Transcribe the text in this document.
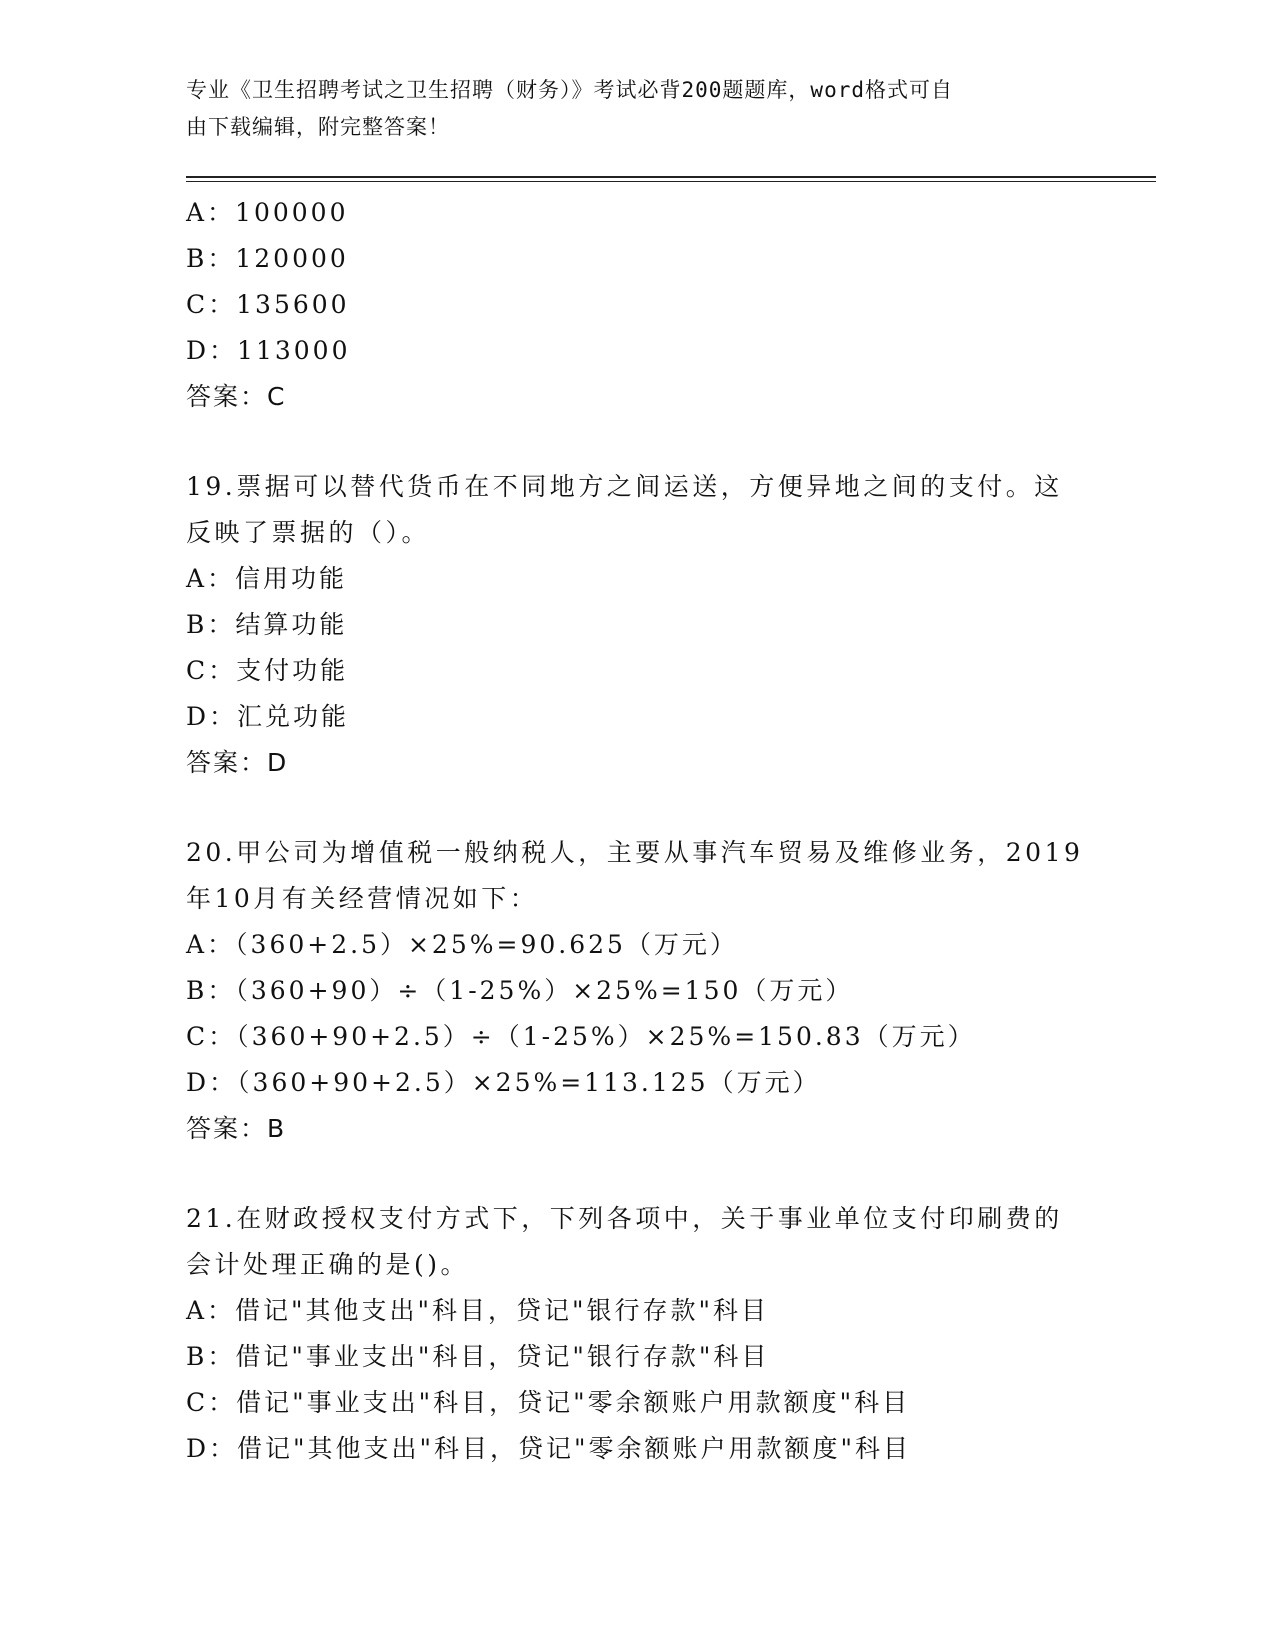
专业《卫生招聘考试之卫生招聘（财务）》考试必背200题题库，word格式可自
由下载编辑，附完整答案！
A：100000
B：120000
C：135600
D：113000
答案：C
19.票据可以替代货币在不同地方之间运送，方便异地之间的支付。这
反映了票据的（）。
A：信用功能
B：结算功能
C：支付功能
D：汇兑功能
答案：D
20.甲公司为增值税一般纳税人，主要从事汽车贸易及维修业务，2019
年10月有关经营情况如下：
A：（360+2.5）×25%=90.625（万元）
B：（360+90）÷（1-25%）×25%=150（万元）
C：（360+90+2.5）÷（1-25%）×25%=150.83（万元）
D：（360+90+2.5）×25%=113.125（万元）
答案：B
21.在财政授权支付方式下，下列各项中，关于事业单位支付印刷费的
会计处理正确的是()。
A：借记"其他支出"科目，贷记"银行存款"科目
B：借记"事业支出"科目，贷记"银行存款"科目
C：借记"事业支出"科目，贷记"零余额账户用款额度"科目
D：借记"其他支出"科目，贷记"零余额账户用款额度"科目
